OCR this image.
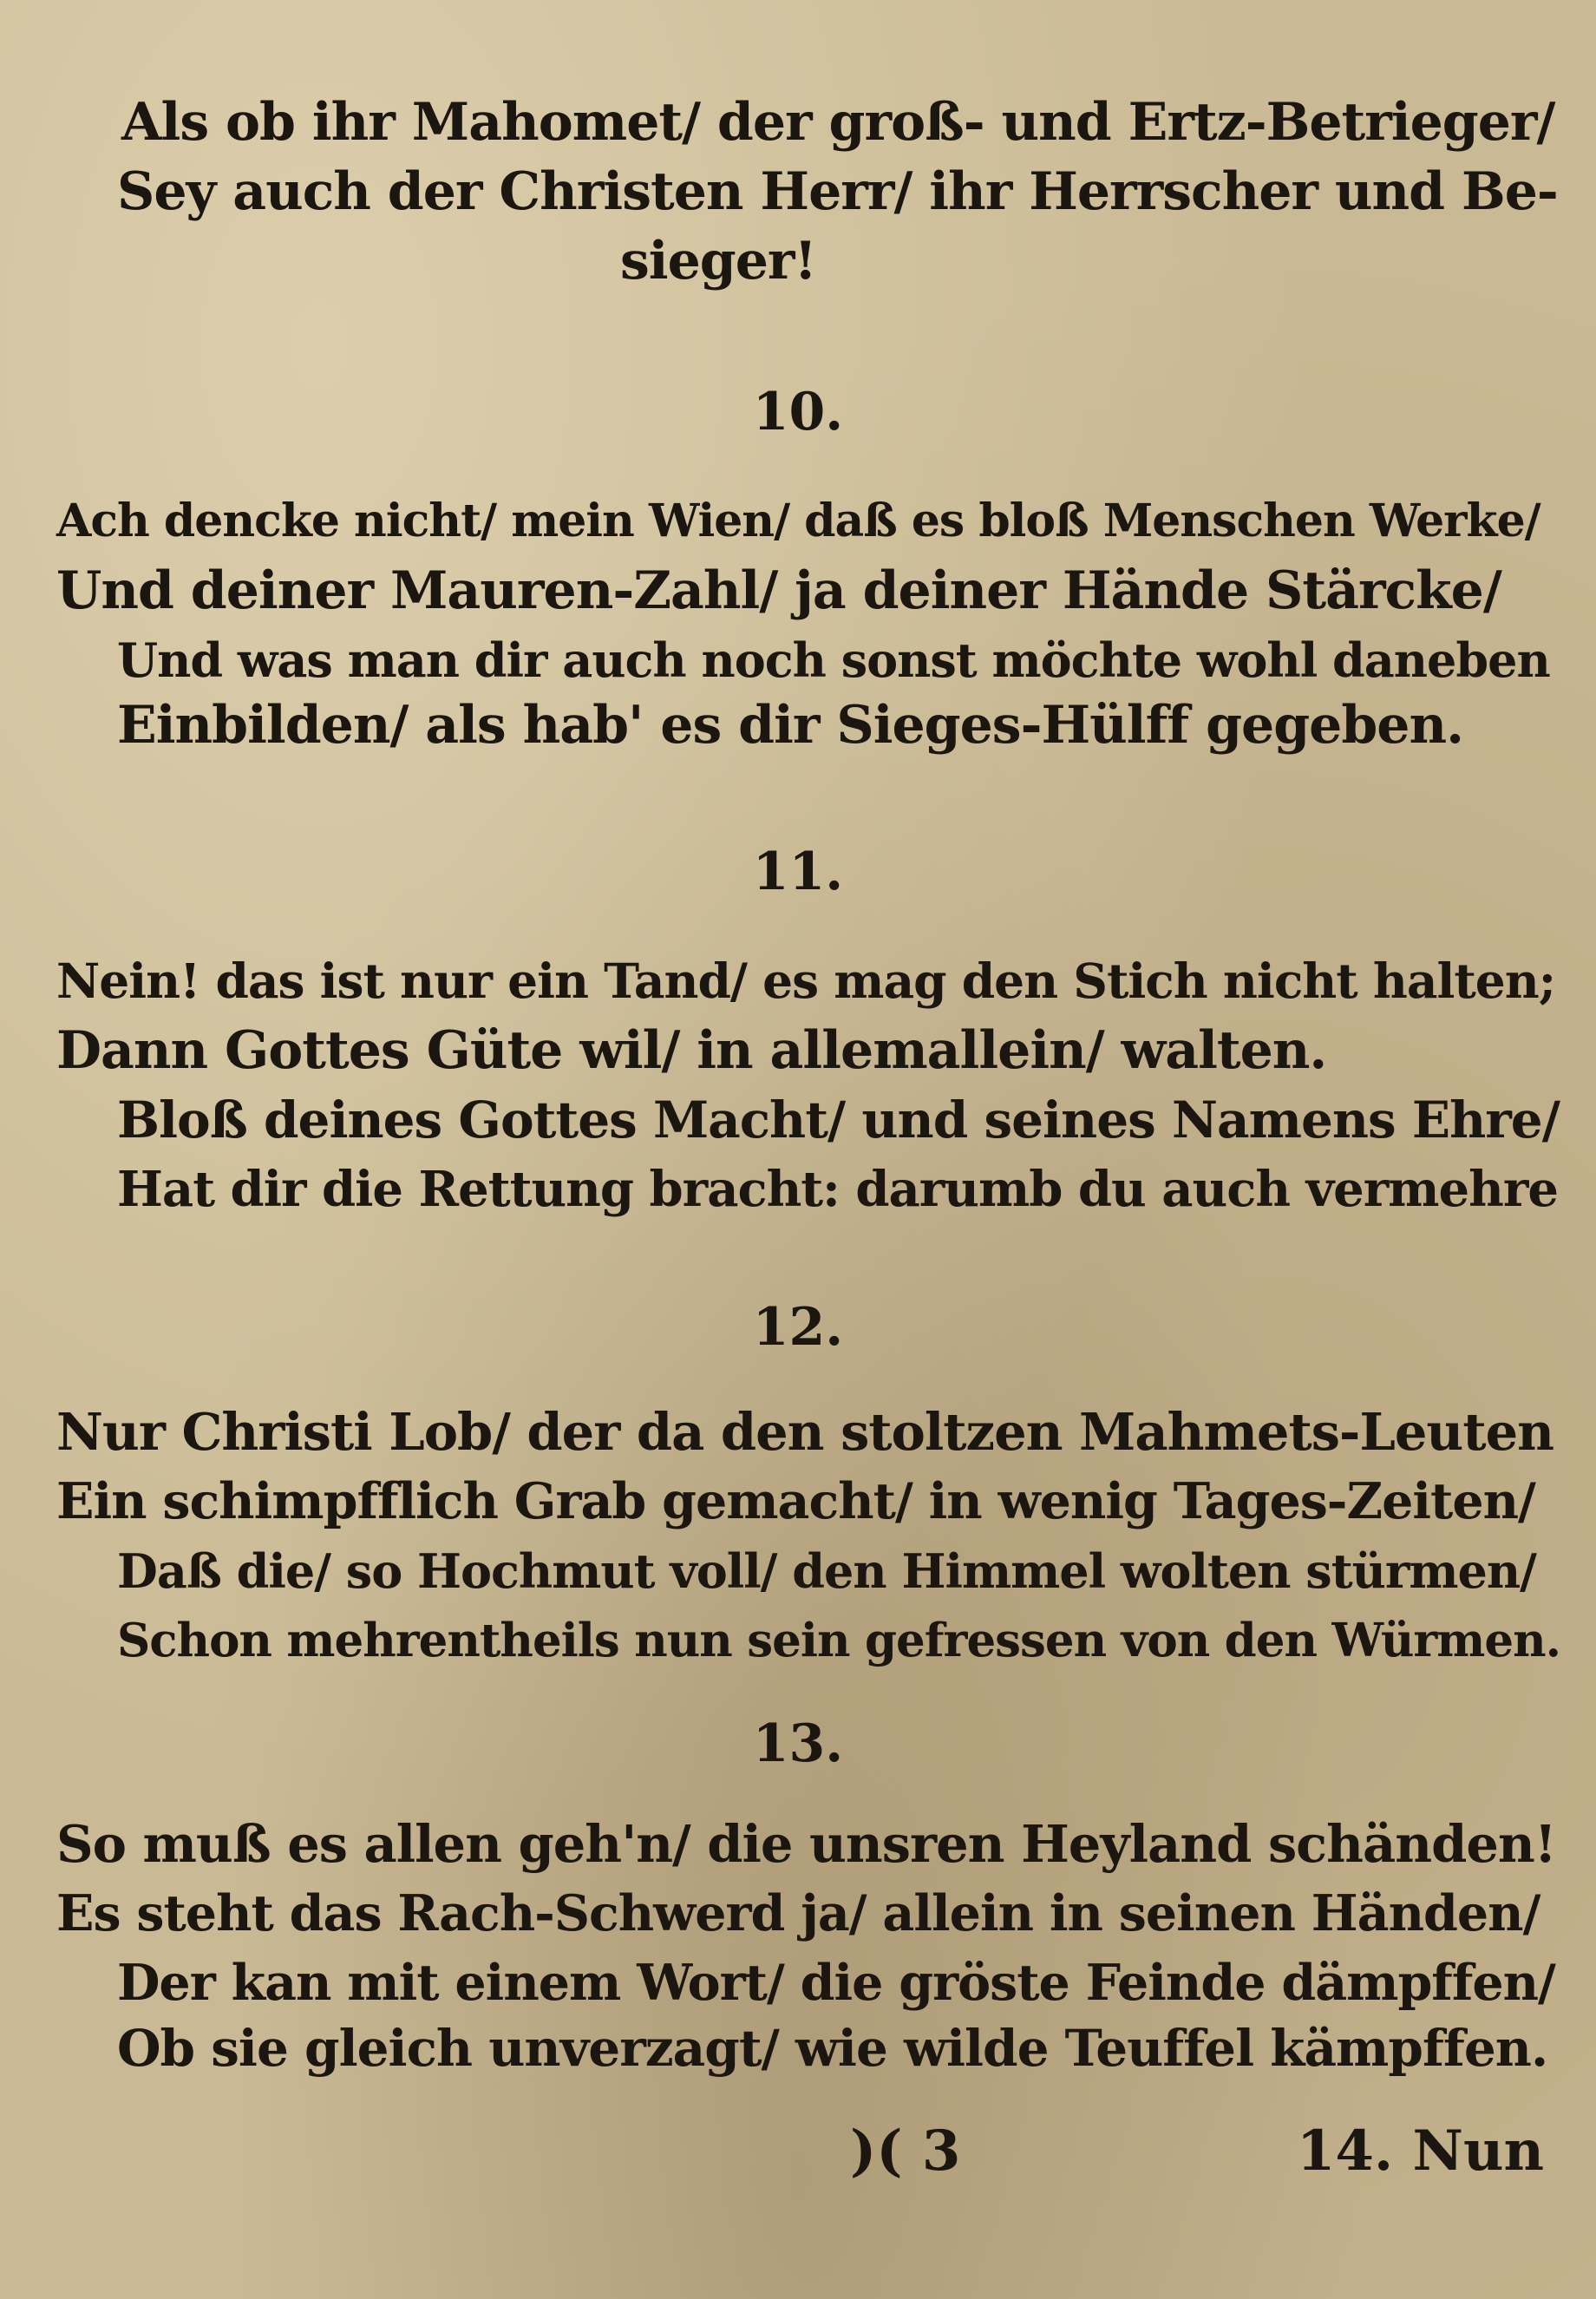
Als ob ihr Mahomet/ der groß- und Ertz-Betrieger/
Sey auch der Christen Herr/ ihr Herrscher und Be-
sieger!
10.
Ach dencke nicht/ mein Wien/ daß es bloß Menschen Werke/
Und deiner Mauren-Zahl/ ja deiner Hände Stärcke/
Und was man dir auch noch sonst möchte wohl daneben
Einbilden/ als hab' es dir Sieges-Hülff gegeben.
11.
Nein! das ist nur ein Tand/ es mag den Stich nicht halten;
Dann Gottes Güte wil/ in allemallein/ walten.
Bloß deines Gottes Macht/ und seines Namens Ehre/
Hat dir die Rettung bracht: darumb du auch vermehre
12.
Nur Christi Lob/ der da den stoltzen Mahmets-Leuten
Ein schimpfflich Grab gemacht/ in wenig Tages-Zeiten/
Daß die/ so Hochmut voll/ den Himmel wolten stürmen/
Schon mehrentheils nun sein gefressen von den Würmen.
13.
So muß es allen geh'n/ die unsren Heyland schänden!
Es steht das Rach-Schwerd ja/ allein in seinen Händen/
Der kan mit einem Wort/ die gröste Feinde dämpffen/
Ob sie gleich unverzagt/ wie wilde Teuffel kämpffen.
)( 3	14. Nun
